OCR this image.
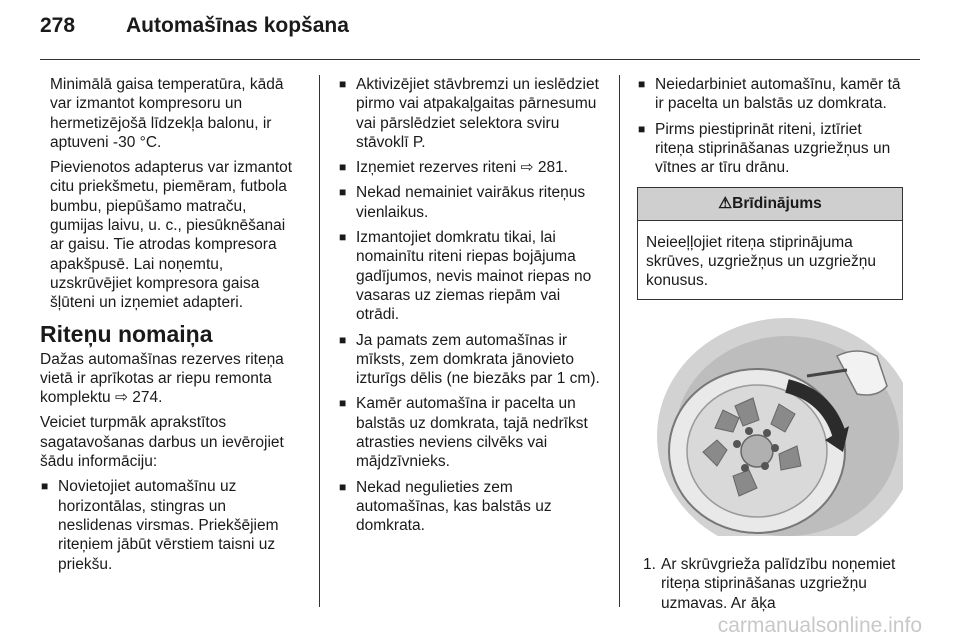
278	Automašīnas kopšana

Minimālā gaisa temperatūra, kādā var izmantot kompresoru un hermetizējošā līdzekļa balonu, ir aptuveni -30 °C.

Pievienotos adapterus var izmantot citu priekšmetu, piemēram, futbola bumbu, piepūšamo matraču, gumijas laivu, u. c., piesūknēšanai ar gaisu. Tie atrodas kompresora apakšpusē. Lai noņemtu, uzskrūvējiet kompresora gaisa šļūteni un izņemiet adapteri.

Riteņu nomaiņa

Dažas automašīnas rezerves riteņa vietā ir aprīkotas ar riepu remonta komplektu ⇨ 274.

Veiciet turpmāk aprakstītos sagatavošanas darbus un ievērojiet šādu informāciju:

■ Novietojiet automašīnu uz horizontālas, stingras un neslidenas virsmas. Priekšējiem riteņiem jābūt vērstiem taisni uz priekšu.
■ Aktivizējiet stāvbremzi un ieslēdziet pirmo vai atpakaļgaitas pārnesumu vai pārslēdziet selektora sviru stāvoklī P.
■ Izņemiet rezerves riteni ⇨ 281.
■ Nekad nemainiet vairākus riteņus vienlaikus.
■ Izmantojiet domkratu tikai, lai nomainītu riteni riepas bojājuma gadījumos, nevis mainot riepas no vasaras uz ziemas riepām vai otrādi.
■ Ja pamats zem automašīnas ir mīksts, zem domkrata jānovieto izturīgs dēlis (ne biezāks par 1 cm).
■ Kamēr automašīna ir pacelta un balstās uz domkrata, tajā nedrīkst atrasties neviens cilvēks vai mājdzīvnieks.
■ Nekad negulieties zem automašīnas, kas balstās uz domkrata.
■ Neiedarbiniet automašīnu, kamēr tā ir pacelta un balstās uz domkrata.
■ Pirms piestiprināt riteni, iztīriet riteņa stiprināšanas uzgriežņus un vītnes ar tīru drānu.
⚠Brīdinājums
Neieeļļojiet riteņa stiprinājuma skrūves, uzgriežņus un uzgriežņu konusus.
1. Ar skrūvgrieža palīdzību noņemiet riteņa stiprināšanas uzgriežņu uzmavas. Ar āķa
carmanualsonline.info
